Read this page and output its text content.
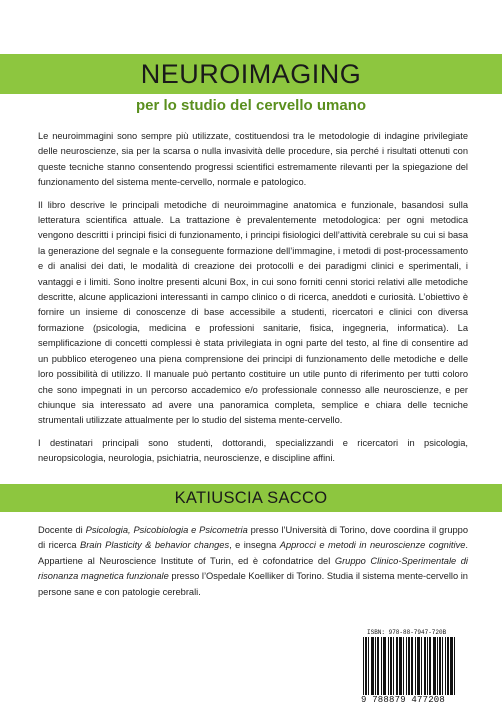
NEUROIMAGING
per lo studio del cervello umano

Le neuroimmagini sono sempre più utilizzate, costituendosi tra le metodologie di indagine privilegiate delle neuroscienze, sia per la scarsa o nulla invasività delle procedure, sia perché i risultati ottenuti con queste tecniche stanno consentendo progressi scientifici estremamente rilevanti per la spiegazione del funzionamento del sistema mente-cervello, normale e patologico.

Il libro descrive le principali metodiche di neuroimmagine anatomica e funzionale, basandosi sulla letteratura scientifica attuale. La trattazione è prevalentemente metodologica: per ogni metodica vengono descritti i principi fisici di funzionamento, i principi fisiologici dell’attività cerebrale su cui si basa la generazione del segnale e la conseguente formazione dell’immagine, i metodi di post-processamento e di analisi dei dati, le modalità di creazione dei protocolli e dei paradigmi clinici e sperimentali, i vantaggi e i limiti. Sono inoltre presenti alcuni Box, in cui sono forniti cenni storici relativi alle metodiche descritte, alcune applicazioni interessanti in campo clinico o di ricerca, aneddoti e curiosità. L’obiettivo è fornire un insieme di conoscenze di base accessibile a studenti, ricercatori e clinici con diversa formazione (psicologia, medicina e professioni sanitarie, fisica, ingegneria, informatica). La semplificazione di concetti complessi è stata privilegiata in ogni parte del testo, al fine di consentire ad un pubblico eterogeneo una piena comprensione dei principi di funzionamento delle metodiche e delle loro possibilità di utilizzo. Il manuale può pertanto costituire un utile punto di riferimento per tutti coloro che sono impegnati in un percorso accademico e/o professionale connesso alle neuroscienze, e per chiunque sia interessato ad avere una panoramica completa, semplice e chiara delle tecniche strumentali utilizzate attualmente per lo studio del sistema mente-cervello.

I destinatari principali sono studenti, dottorandi, specializzandi e ricercatori in psicologia, neuropsicologia, neurologia, psichiatria, neuroscienze, e discipline affini.

KATIUSCIA SACCO

Docente di Psicologia, Psicobiologia e Psicometria presso l’Università di Torino, dove coordina il gruppo di ricerca Brain Plasticity & behavior changes, e insegna Approcci e metodi in neuroscienze cognitive. Appartiene al Neuroscience Institute of Turin, ed è cofondatrice del Gruppo Clinico-Sperimentale di risonanza magnetica funzionale presso l’Ospedale Koelliker di Torino. Studia il sistema mente-cervello in persone sane e con patologie cerebrali.

ISBN: 978-88-7947-720B
9 788879 477208
